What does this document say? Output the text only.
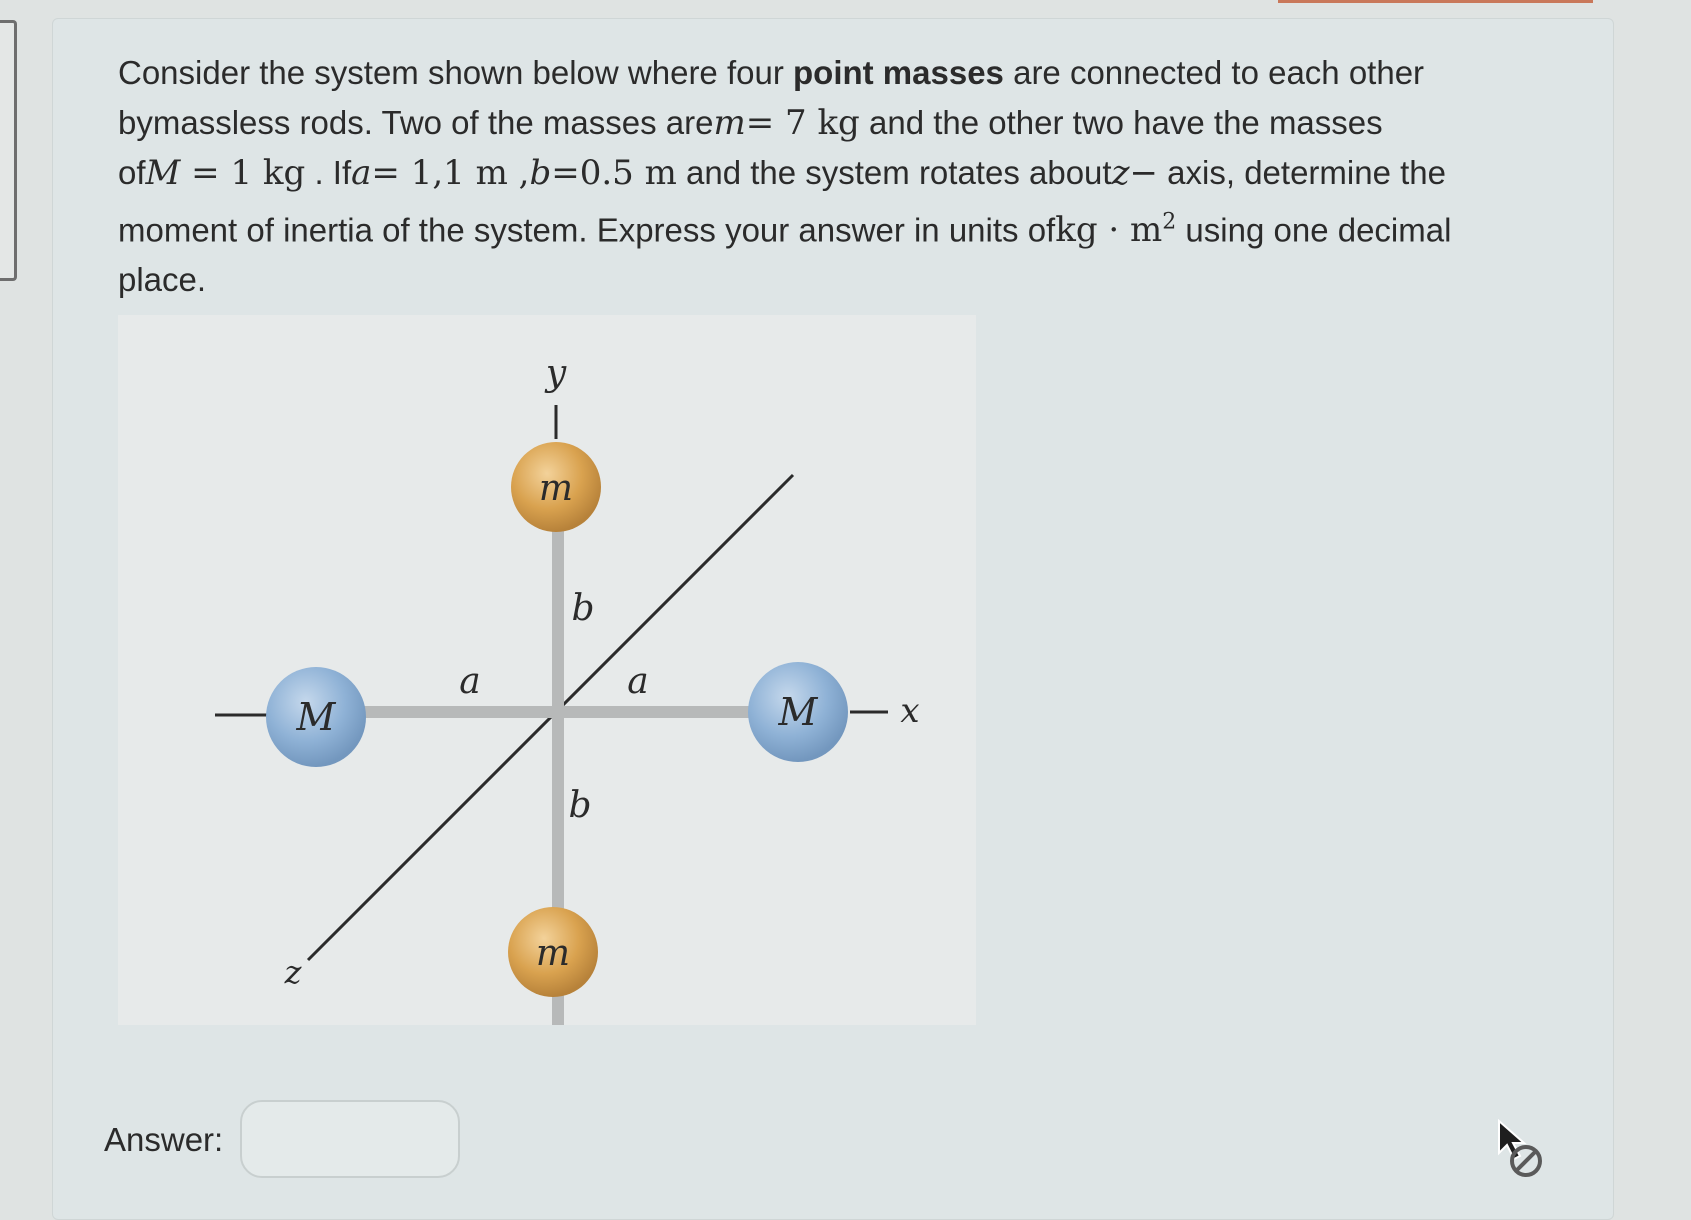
Consider the system shown below where four point masses are connected to each other

bymassless rods. Two of the masses arem= 7 kg and the other two have the masses

ofM = 1 kg . Ifa= 1,1 m ,b=0.5 m and the system rotates aboutz− axis, determine the

moment of inertia of the system. Express your answer in units ofkg · $m^2$ using one decimal

place.

m
m
M	M
y
x
z
b
b
a	a
Answer:
